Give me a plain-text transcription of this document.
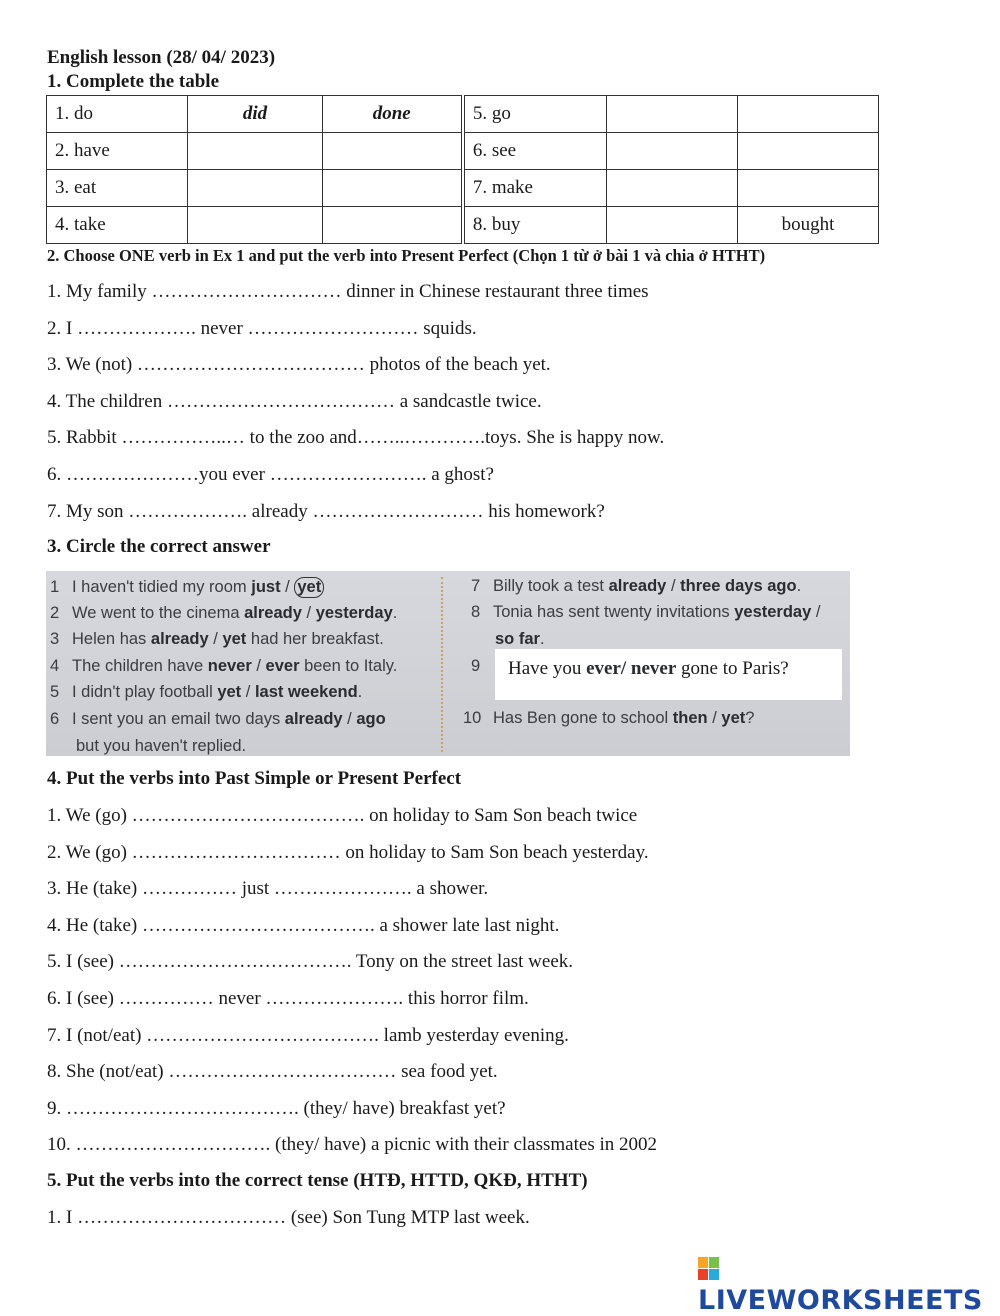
English lesson (28/ 04/ 2023)
1. Complete the table
1. do	did	done	5. go		
2. have			6. see		
3. eat			7. make		
4. take			8. buy		bought
2. Choose ONE verb in Ex 1 and put the verb into Present Perfect (Chọn 1 từ ở bài 1 và chia ở HTHT)
1. My family ………………………… dinner in Chinese restaurant three times
2. I ………………. never ……………………… squids.
3. We (not) ……………………………… photos of the beach yet.
4. The children ……………………………… a sandcastle twice.
5. Rabbit ……………..… to the zoo and……..………….toys. She is happy now.
6. …………………you ever ……………………. a ghost?
7. My son ………………. already ……………………… his homework?
3. Circle the correct answer
1 I haven't tidied my room just / yet
2 We went to the cinema already / yesterday.
3 Helen has already / yet had her breakfast.
4 The children have never / ever been to Italy.
5 I didn't play football yet / last weekend.
6 I sent you an email two days already / ago
but you haven't replied.
7 Billy took a test already / three days ago.
8 Tonia has sent twenty invitations yesterday /
10 Has Ben gone to school then / yet?
so far.
9	Have you ever/ never gone to Paris?
4. Put the verbs into Past Simple or Present Perfect
1. We (go) ………………………………. on holiday to Sam Son beach twice
2. We (go) …………………………… on holiday to Sam Son beach yesterday.
3. He (take) …………… just …………………. a shower.
4. He (take) ………………………………. a shower late last night.
5. I (see) ………………………………. Tony on the street last week.
6. I (see) …………… never …………………. this horror film.
7. I (not/eat) ………………………………. lamb yesterday evening.
8. She (not/eat) ……………………………… sea food yet.
9. ………………………………. (they/ have) breakfast yet?
10. …………………………. (they/ have) a picnic with their classmates in 2002
5. Put the verbs into the correct tense (HTĐ, HTTD, QKĐ, HTHT)
1. I …………………………… (see) Son Tung MTP last week.
LIVEWORKSHEETS
